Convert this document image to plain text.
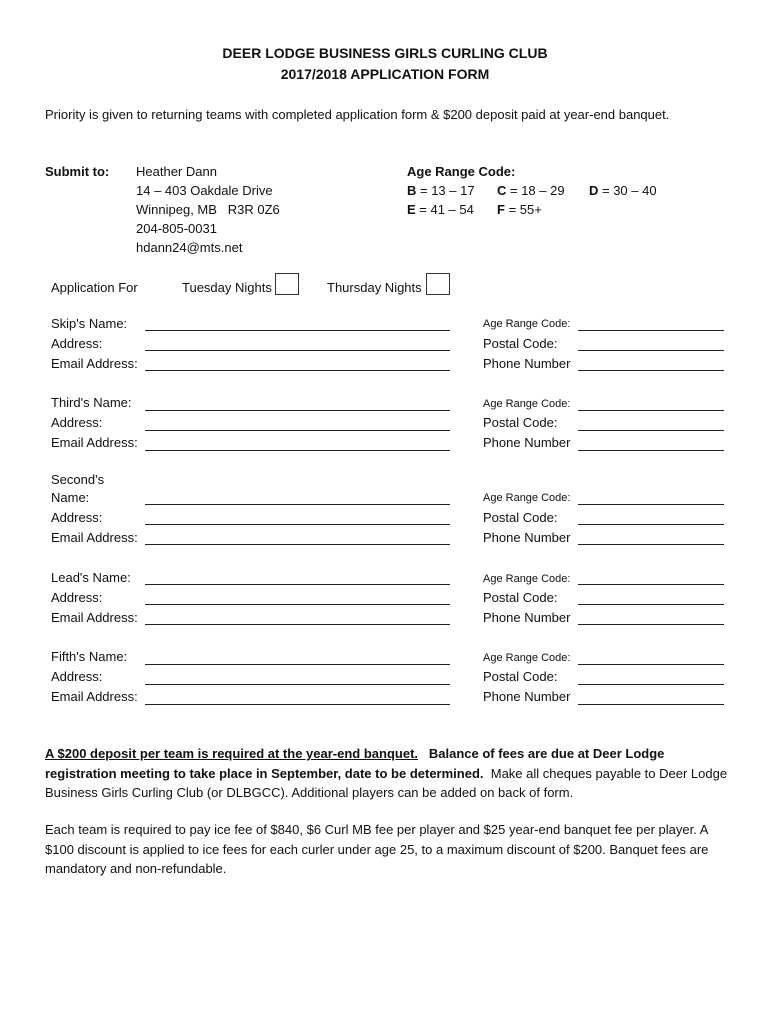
DEER LODGE BUSINESS GIRLS CURLING CLUB
2017/2018 APPLICATION FORM
Priority is given to returning teams with completed application form & $200 deposit paid at year-end banquet.
Submit to: Heather Dann
14 – 403 Oakdale Drive
Winnipeg, MB   R3R 0Z6
204-805-0031
hdann24@mts.net
Age Range Code:
B = 13 – 17 C = 18 – 29 D = 30 – 40
E = 41 – 54 F = 55+
Application For	Tuesday Nights	Thursday Nights
Skip's Name:
Address:
Email Address:
Age Range Code:
Postal Code:
Phone Number
Third's Name:
Address:
Email Address:
Age Range Code:
Postal Code:
Phone Number
Second's
Name:
Address:
Email Address:
Age Range Code:
Postal Code:
Phone Number
Lead's Name:
Address:
Email Address:
Age Range Code:
Postal Code:
Phone Number
Fifth's Name:
Address:
Email Address:
Age Range Code:
Postal Code:
Phone Number
A $200 deposit per team is required at the year-end banquet. Balance of fees are due at Deer Lodge registration meeting to take place in September, date to be determined. Make all cheques payable to Deer Lodge Business Girls Curling Club (or DLBGCC). Additional players can be added on back of form.
Each team is required to pay ice fee of $840, $6 Curl MB fee per player and $25 year-end banquet fee per player. A $100 discount is applied to ice fees for each curler under age 25, to a maximum discount of $200. Banquet fees are mandatory and non-refundable.
